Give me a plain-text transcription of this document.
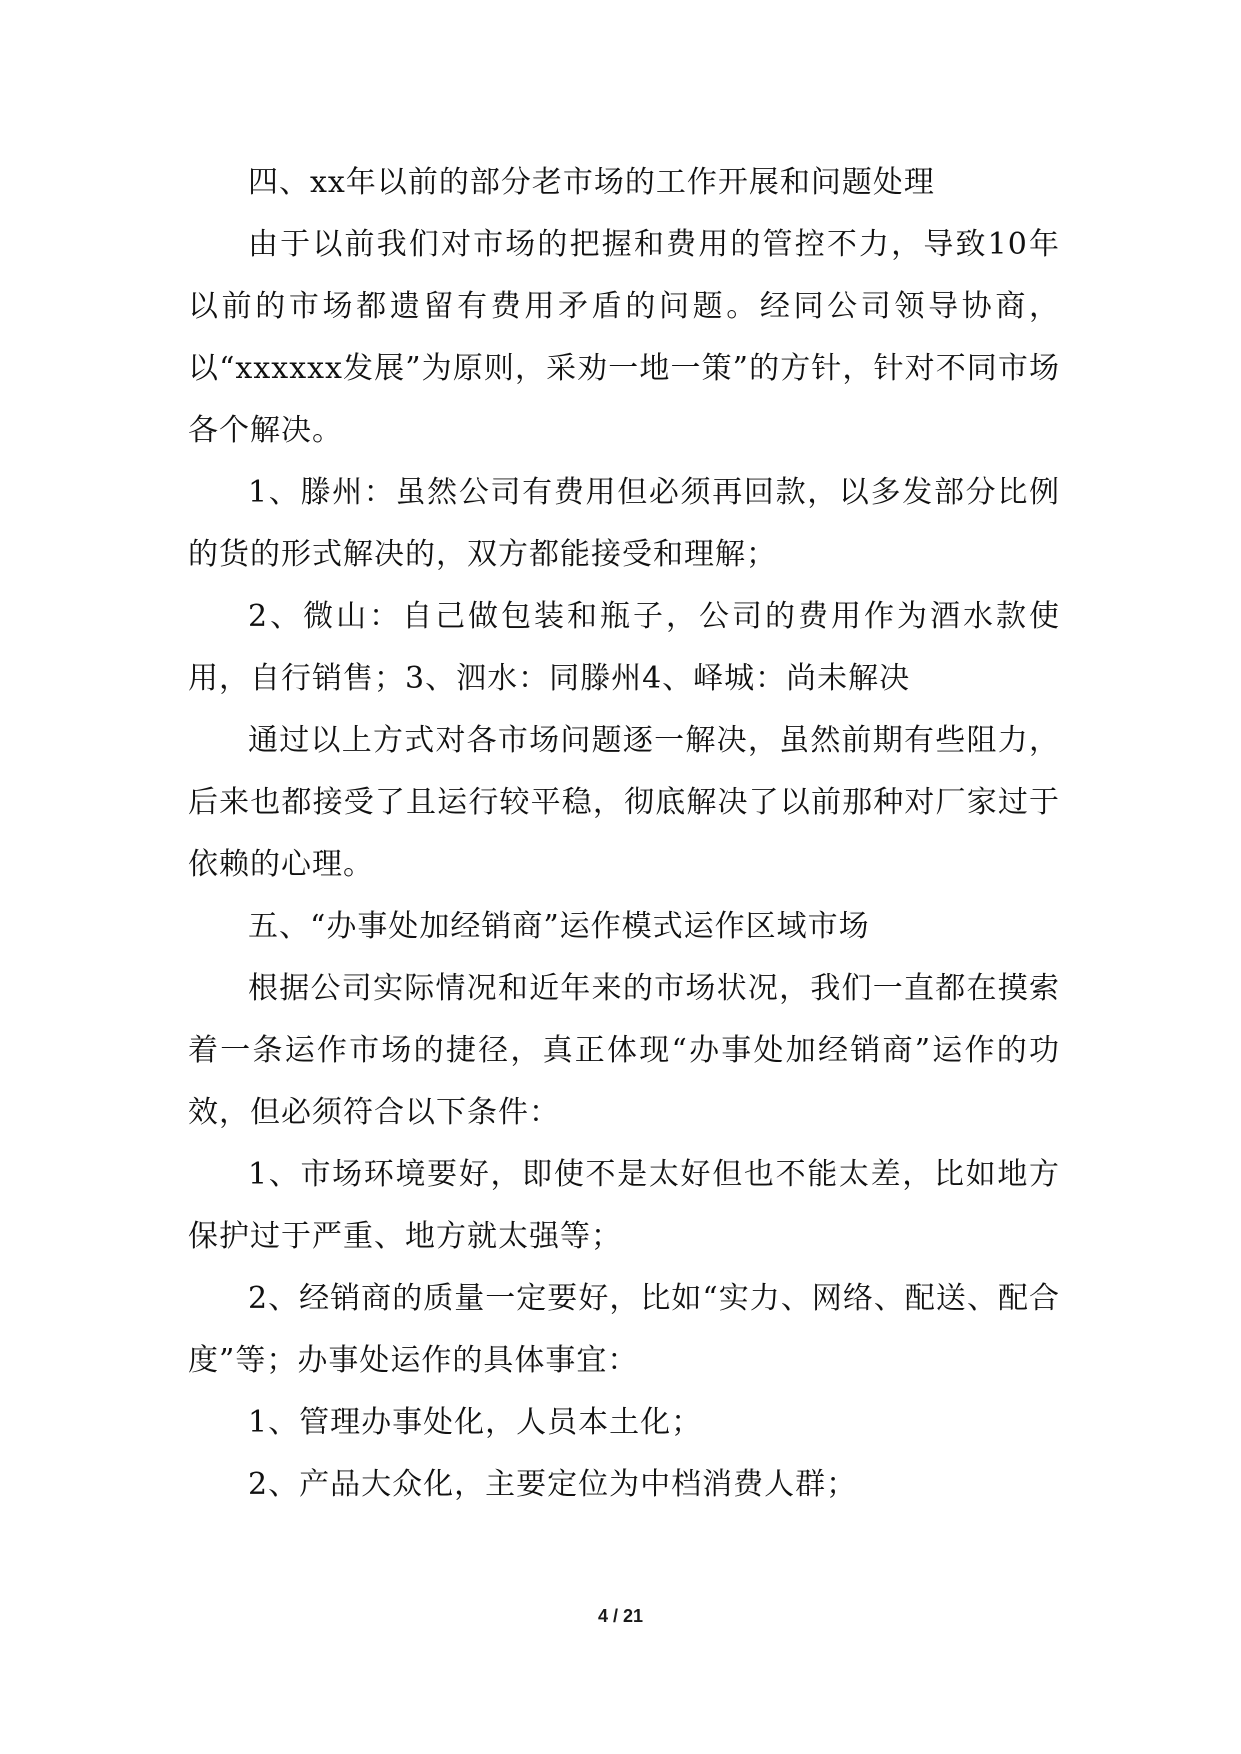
四、xx年以前的部分老市场的工作开展和问题处理

由于以前我们对市场的把握和费用的管控不力，导致10年以前的市场都遗留有费用矛盾的问题。经同公司领导协商，以“xxxxxx发展”为原则，采劝一地一策”的方针，针对不同市场各个解决。

1、滕州：虽然公司有费用但必须再回款，以多发部分比例的货的形式解决的，双方都能接受和理解；

2、微山：自己做包装和瓶子，公司的费用作为酒水款使用，自行销售；3、泗水：同滕州4、峄城：尚未解决

通过以上方式对各市场问题逐一解决，虽然前期有些阻力，后来也都接受了且运行较平稳，彻底解决了以前那种对厂家过于依赖的心理。

五、“办事处加经销商”运作模式运作区域市场

根据公司实际情况和近年来的市场状况，我们一直都在摸索着一条运作市场的捷径，真正体现“办事处加经销商”运作的功效，但必须符合以下条件：

1、市场环境要好，即使不是太好但也不能太差，比如地方保护过于严重、地方就太强等；

2、经销商的质量一定要好，比如“实力、网络、配送、配合度”等；办事处运作的具体事宜：

1、管理办事处化，人员本土化；

2、产品大众化，主要定位为中档消费人群；

4 / 21
